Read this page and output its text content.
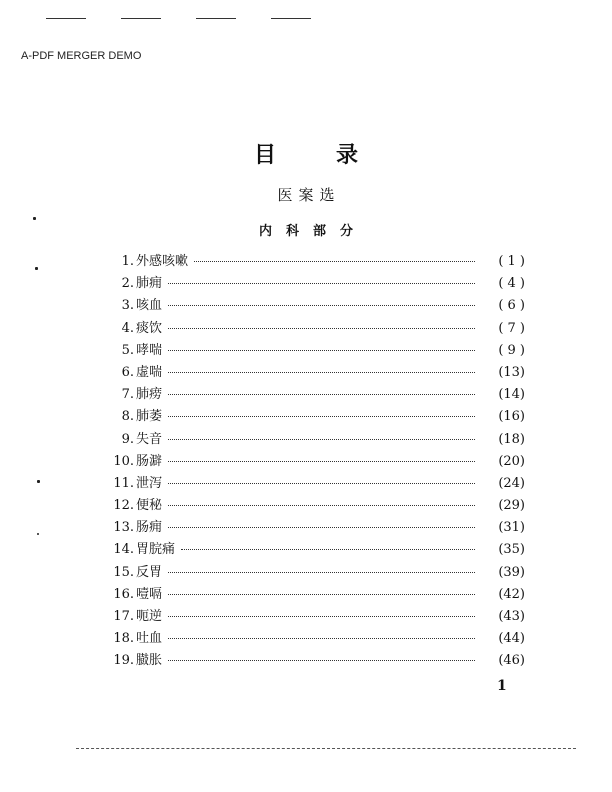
A-PDF MERGER DEMO
目录
医案选
内科部分
1. 外感咳嗽	( 1 )
2. 肺痈	( 4 )
3. 咳血	( 6 )
4. 痰饮	( 7 )
5. 哮喘	( 9 )
6. 虚喘	(13)
7. 肺痨	(14)
8. 肺萎	(16)
9. 失音	(18)
10. 肠澼	(20)
11. 泄泻	(24)
12. 便秘	(29)
13. 肠痈	(31)
14. 胃脘痛	(35)
15. 反胃	(39)
16. 噎嗝	(42)
17. 呃逆	(43)
18. 吐血	(44)
19. 臌胀	(46)
1
